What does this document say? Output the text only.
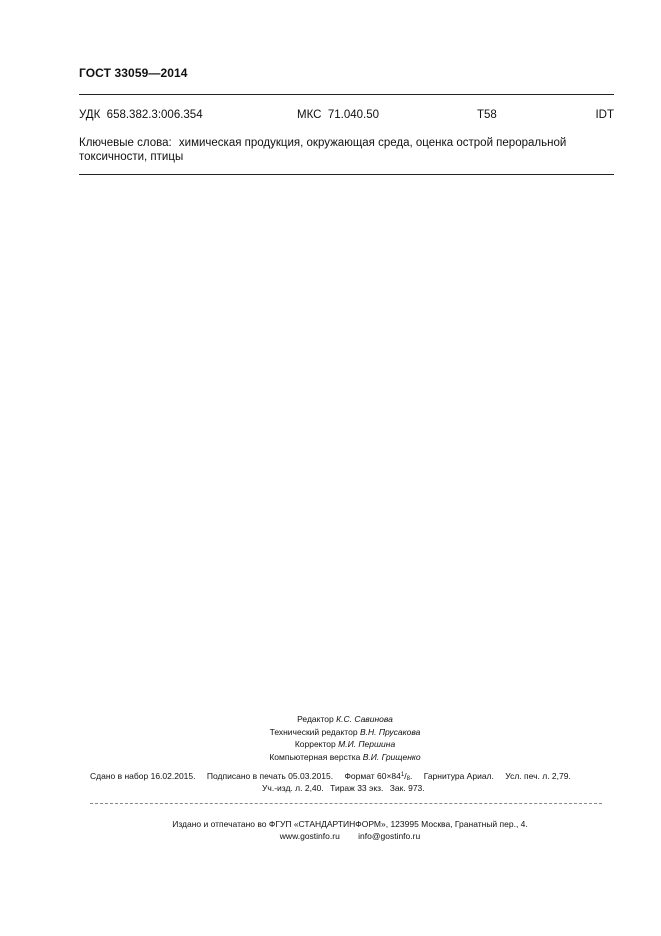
ГОСТ 33059—2014
УДК 658.382.3:006.354	МКС 71.040.50	Т58	IDT
Ключевые слова: химическая продукция, окружающая среда, оценка острой пероральной токсичности, птицы
Редактор К.С. Савинова
Технический редактор В.Н. Прусакова
Корректор М.И. Першина
Компьютерная верстка В.И. Грищенко
Сдано в набор 16.02.2015. Подписано в печать 05.03.2015. Формат $60\times 84^1/_8$. Гарнитура Ариал. Усл. печ. л. 2,79.
Уч.-изд. л. 2,40. Тираж 33 экз. Зак. 973.
Издано и отпечатано во ФГУП «СТАНДАРТИНФОРМ», 123995 Москва, Гранатный пер., 4.
www.gostinfo.ru info@gostinfo.ru
